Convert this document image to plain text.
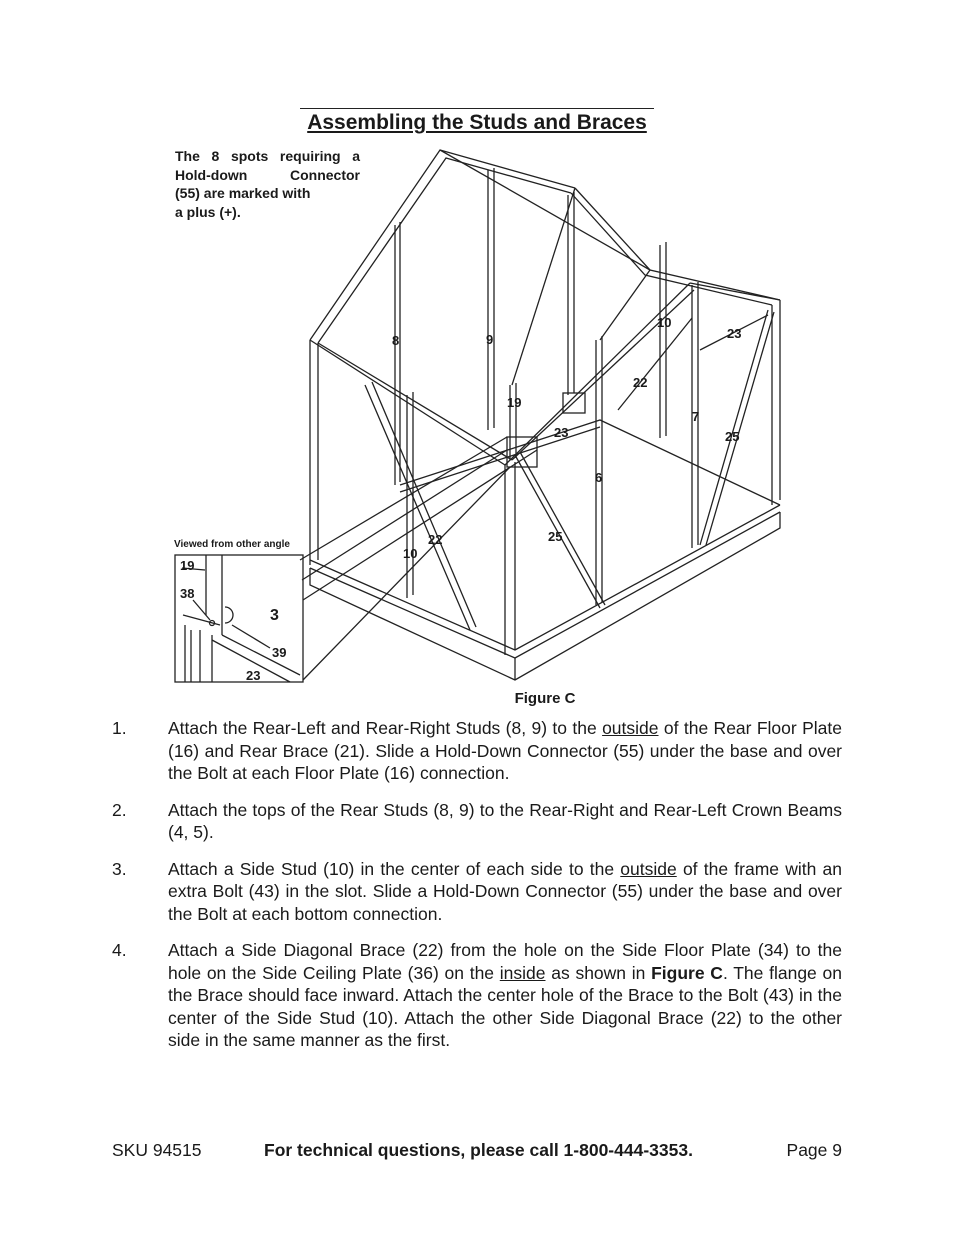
Assembling the Studs and Braces
The 8 spots requiring a
Hold-down Connector
(55) are marked with
a plus (+).
8	9
10
23
22
7
19
23	25
6
22
10
25
Viewed from other angle
19
38
3
39
23
Figure C
1.	Attach the Rear-Left and Rear-Right Studs (8, 9) to the outside of the Rear Floor Plate (16) and Rear Brace (21). Slide a Hold-Down Connector (55) under the base and over the Bolt at each Floor Plate (16) connection.
2.	Attach the tops of the Rear Studs (8, 9) to the Rear-Right and Rear-Left Crown Beams (4, 5).
3.	Attach a Side Stud (10) in the center of each side to the outside of the frame with an extra Bolt (43) in the slot. Slide a Hold-Down Connector (55) under the base and over the Bolt at each bottom connection.
4.	Attach a Side Diagonal Brace (22) from the hole on the Side Floor Plate (34) to the hole on the Side Ceiling Plate (36) on the inside as shown in Figure C. The flange on the Brace should face inward. Attach the center hole of the Brace to the Bolt (43) in the center of the Side Stud (10). Attach the other Side Diagonal Brace (22) to the other side in the same manner as the first.
SKU 94515	For technical questions, please call 1-800-444-3353.	Page 9
